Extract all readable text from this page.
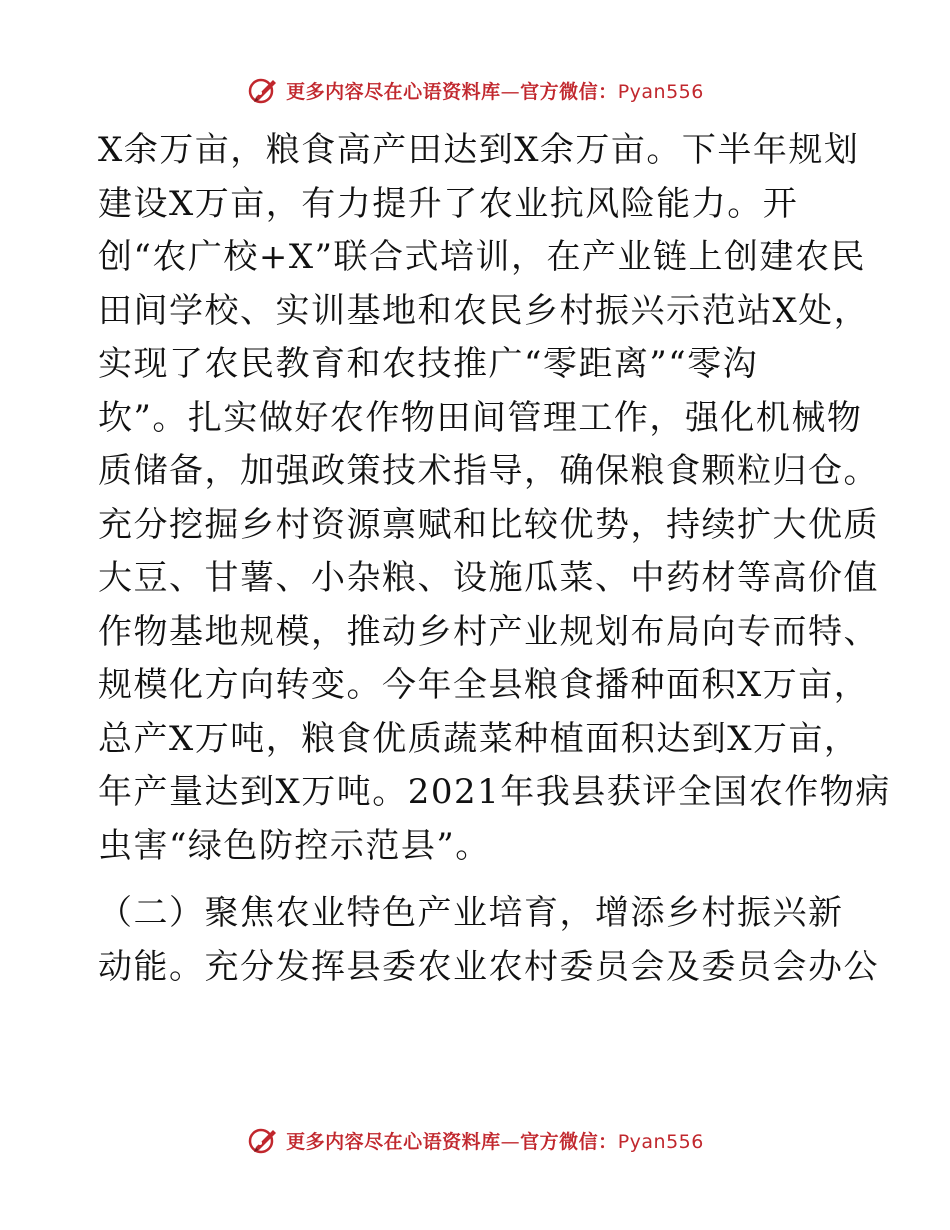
更多内容尽在心语资料库—官方微信：Pyan556
X余万亩，粮食高产田达到X余万亩。下半年规划
建设X万亩，有力提升了农业抗风险能力。开
创“农广校+X”联合式培训，在产业链上创建农民
田间学校、实训基地和农民乡村振兴示范站X处，
实现了农民教育和农技推广“零距离”“零沟
坎”。扎实做好农作物田间管理工作，强化机械物
质储备，加强政策技术指导，确保粮食颗粒归仓。
充分挖掘乡村资源禀赋和比较优势，持续扩大优质
大豆、甘薯、小杂粮、设施瓜菜、中药材等高价值
作物基地规模，推动乡村产业规划布局向专而特、
规模化方向转变。今年全县粮食播种面积X万亩，
总产X万吨，粮食优质蔬菜种植面积达到X万亩，
年产量达到X万吨。2021年我县获评全国农作物病
虫害“绿色防控示范县”。
（二）聚焦农业特色产业培育，增添乡村振兴新
动能。充分发挥县委农业农村委员会及委员会办公
更多内容尽在心语资料库—官方微信：Pyan556
